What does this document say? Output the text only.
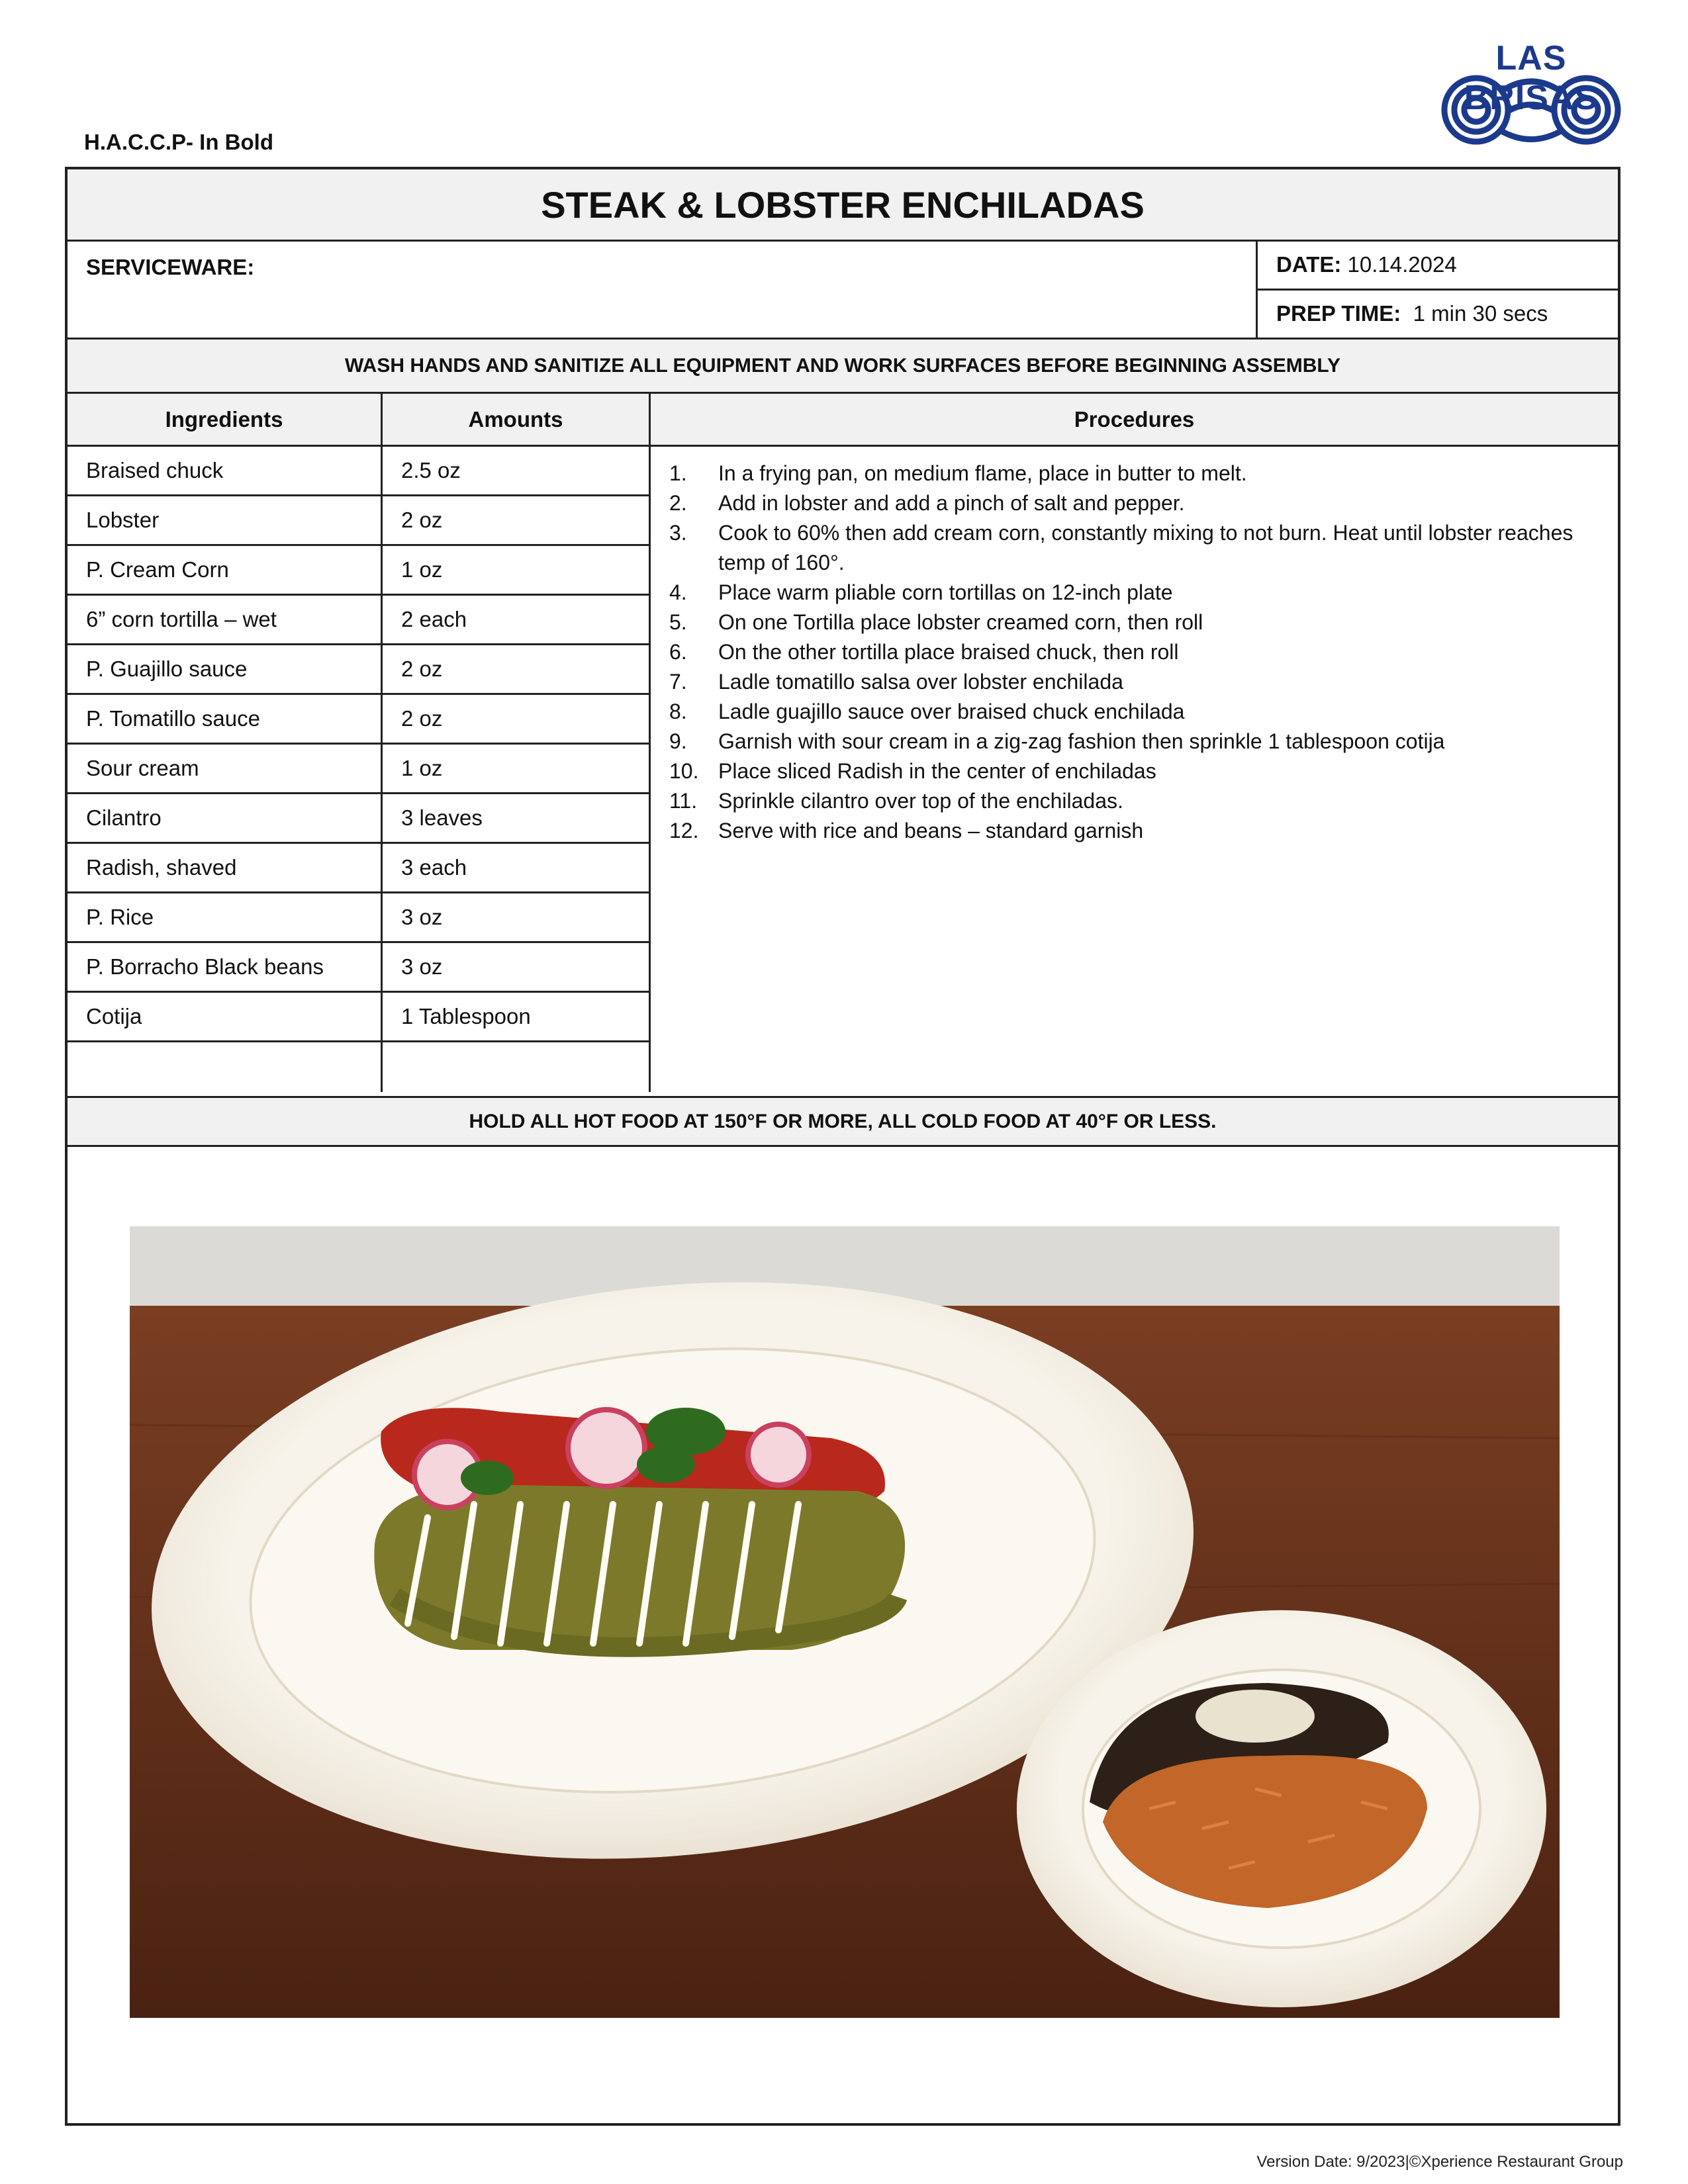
H.A.C.C.P- In Bold
LAS BRISAS
STEAK & LOBSTER ENCHILADAS
SERVICEWARE:	DATE: 10.14.2024
PREP TIME: 1 min 30 secs
WASH HANDS AND SANITIZE ALL EQUIPMENT AND WORK SURFACES BEFORE BEGINNING ASSEMBLY
Ingredients	Amounts	Procedures
Braised chuck	2.5 oz
Lobster	2 oz
P. Cream Corn	1 oz
6” corn tortilla – wet	2 each
P. Guajillo sauce	2 oz
P. Tomatillo sauce	2 oz
Sour cream	1 oz
Cilantro	3 leaves
Radish, shaved	3 each
P. Rice	3 oz
P. Borracho Black beans	3 oz
Cotija	1 Tablespoon
1.	In a frying pan, on medium flame, place in butter to melt.
2.	Add in lobster and add a pinch of salt and pepper.
3.	Cook to 60% then add cream corn, constantly mixing to not burn. Heat until lobster reaches temp of 160°.
4.	Place warm pliable corn tortillas on 12-inch plate
5.	On one Tortilla place lobster creamed corn, then roll
6.	On the other tortilla place braised chuck, then roll
7.	Ladle tomatillo salsa over lobster enchilada
8.	Ladle guajillo sauce over braised chuck enchilada
9.	Garnish with sour cream in a zig-zag fashion then sprinkle 1 tablespoon cotija
10. Place sliced Radish in the center of enchiladas
11. Sprinkle cilantro over top of the enchiladas.
12. Serve with rice and beans – standard garnish
HOLD ALL HOT FOOD AT 150°F OR MORE, ALL COLD FOOD AT 40°F OR LESS.
Version Date: 9/2023|©Xperience Restaurant Group
